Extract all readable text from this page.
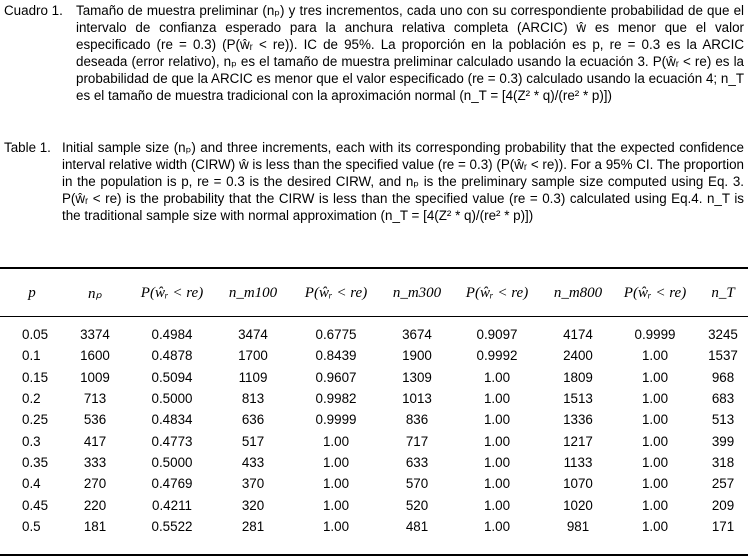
Cuadro 1. Tamaño de muestra preliminar (nₚ) y tres incrementos, cada uno con su correspondiente probabilidad de que el intervalo de confianza esperado para la anchura relativa completa (ARCIC) ŵ es menor que el valor especificado (re = 0.3) (P(ŵᵣ < re)). IC de 95%. La proporción en la población es p, re = 0.3 es la ARCIC deseada (error relativo), nₚ es el tamaño de muestra preliminar calculado usando la ecuación 3. P(ŵᵣ < re) es la probabilidad de que la ARCIC es menor que el valor especificado (re = 0.3) calculado usando la ecuación 4; n_T es el tamaño de muestra tradicional con la aproximación normal (n_T = [4(Z² * q)/(re² * p)])
Table 1. Initial sample size (nₚ) and three increments, each with its corresponding probability that the expected confidence interval relative width (CIRW) ŵ is less than the specified value (re = 0.3) (P(ŵᵣ < re)). For a 95% CI. The proportion in the population is p, re = 0.3 is the desired CIRW, and nₚ is the preliminary sample size computed using Eq. 3. P(ŵᵣ < re) is the probability that the CIRW is less than the specified value (re = 0.3) calculated using Eq.4. n_T is the traditional sample size with normal approximation (n_T = [4(Z² * q)/(re² * p)])
p	nₚ	P(ŵᵣ < re)	n_m100	P(ŵᵣ < re)	n_m300	P(ŵᵣ < re)	n_m800	P(ŵᵣ < re)	n_T
0.05	3374	0.4984	3474	0.6775	3674	0.9097	4174	0.9999	3245
0.1	1600	0.4878	1700	0.8439	1900	0.9992	2400	1.00	1537
0.15	1009	0.5094	1109	0.9607	1309	1.00	1809	1.00	968
0.2	713	0.5000	813	0.9982	1013	1.00	1513	1.00	683
0.25	536	0.4834	636	0.9999	836	1.00	1336	1.00	513
0.3	417	0.4773	517	1.00	717	1.00	1217	1.00	399
0.35	333	0.5000	433	1.00	633	1.00	1133	1.00	318
0.4	270	0.4769	370	1.00	570	1.00	1070	1.00	257
0.45	220	0.4211	320	1.00	520	1.00	1020	1.00	209
0.5	181	0.5522	281	1.00	481	1.00	981	1.00	171
